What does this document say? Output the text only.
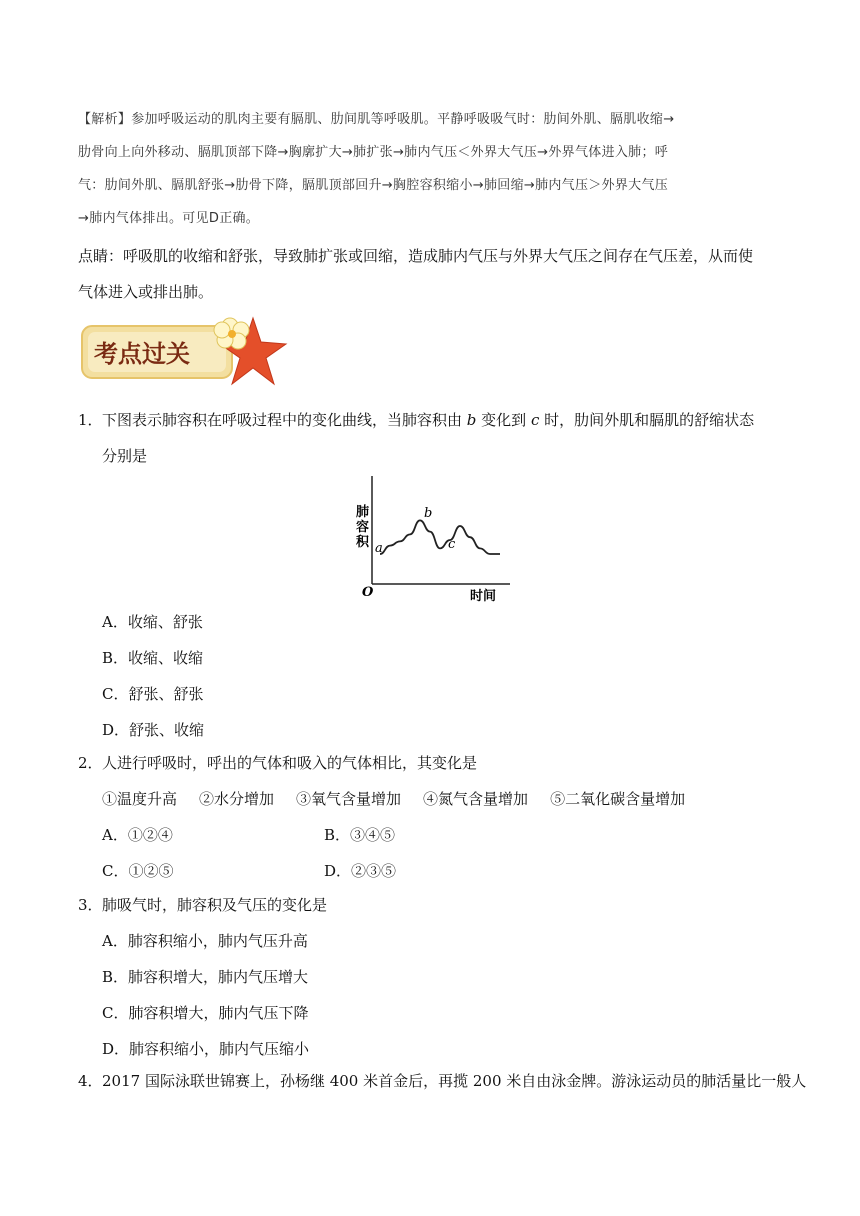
【解析】参加呼吸运动的肌肉主要有膈肌、肋间肌等呼吸肌。平静呼吸吸气时：肋间外肌、膈肌收缩→
肋骨向上向外移动、膈肌顶部下降→胸廓扩大→肺扩张→肺内气压＜外界大气压→外界气体进入肺；呼
气：肋间外肌、膈肌舒张→肋骨下降，膈肌顶部回升→胸腔容积缩小→肺回缩→肺内气压＞外界大气压
→肺内气体排出。可见D正确。
点睛：呼吸肌的收缩和舒张，导致肺扩张或回缩，造成肺内气压与外界大气压之间存在气压差，从而使
气体进入或排出肺。
考点过关
1．下图表示肺容积在呼吸过程中的变化曲线，当肺容积由 b 变化到 c 时，肋间外肌和膈肌的舒缩状态
分别是
肺 容 积
时间
O
a
b
c
A．收缩、舒张
B．收缩、收缩
C．舒张、舒张
D．舒张、收缩
2．人进行呼吸时，呼出的气体和吸入的气体相比，其变化是
①温度升高 ②水分增加 ③氧气含量增加 ④氮气含量增加 ⑤二氧化碳含量增加
A．①②④	B．③④⑤
C．①②⑤	D．②③⑤
3．肺吸气时，肺容积及气压的变化是
A．肺容积缩小，肺内气压升高
B．肺容积增大，肺内气压增大
C．肺容积增大，肺内气压下降
D．肺容积缩小，肺内气压缩小
4．2017 国际泳联世锦赛上，孙杨继 400 米首金后，再揽 200 米自由泳金牌。游泳运动员的肺活量比一般人
